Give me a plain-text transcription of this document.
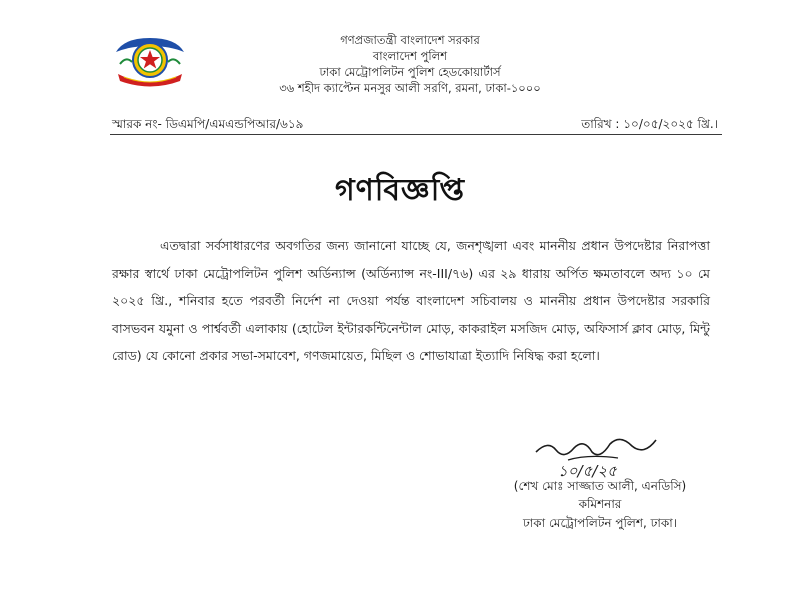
গণপ্রজাতন্ত্রী বাংলাদেশ সরকার
বাংলাদেশ পুলিশ
ঢাকা মেট্রোপলিটন পুলিশ হেডকোয়ার্টার্স
৩৬ শহীদ ক্যাপ্টেন মনসুর আলী সরণি, রমনা, ঢাকা-১০০০
স্মারক নং- ডিএমপি/এমএন্ডপিআর/৬১৯	তারিখ : ১০/০৫/২০২৫ খ্রি.।
গণবিজ্ঞপ্তি

এতদ্বারা সর্বসাধারণের অবগতির জন্য জানানো যাচ্ছে যে, জনশৃঙ্খলা এবং মাননীয় প্রধান উপদেষ্টার নিরাপত্তা রক্ষার স্বার্থে ঢাকা মেট্রোপলিটন পুলিশ অর্ডিন্যান্স (অর্ডিন্যান্স নং-III/৭৬) এর ২৯ ধারায় অর্পিত ক্ষমতাবলে অদ্য ১০ মে ২০২৫ খ্রি., শনিবার হতে পরবর্তী নির্দেশ না দেওয়া পর্যন্ত বাংলাদেশ সচিবালয় ও মাননীয় প্রধান উপদেষ্টার সরকারি বাসভবন যমুনা ও পার্শ্ববর্তী এলাকায় (হোটেল ইন্টারকন্টিনেন্টাল মোড়, কাকরাইল মসজিদ মোড়, অফিসার্স ক্লাব মোড়, মিন্টু রোড) যে কোনো প্রকার সভা-সমাবেশ, গণজমায়েত, মিছিল ও শোভাযাত্রা ইত্যাদি নিষিদ্ধ করা হলো।

১০/৫/২৫
(শেখ মোঃ সাজ্জাত আলী, এনডিসি)
কমিশনার
ঢাকা মেট্রোপলিটন পুলিশ, ঢাকা।
